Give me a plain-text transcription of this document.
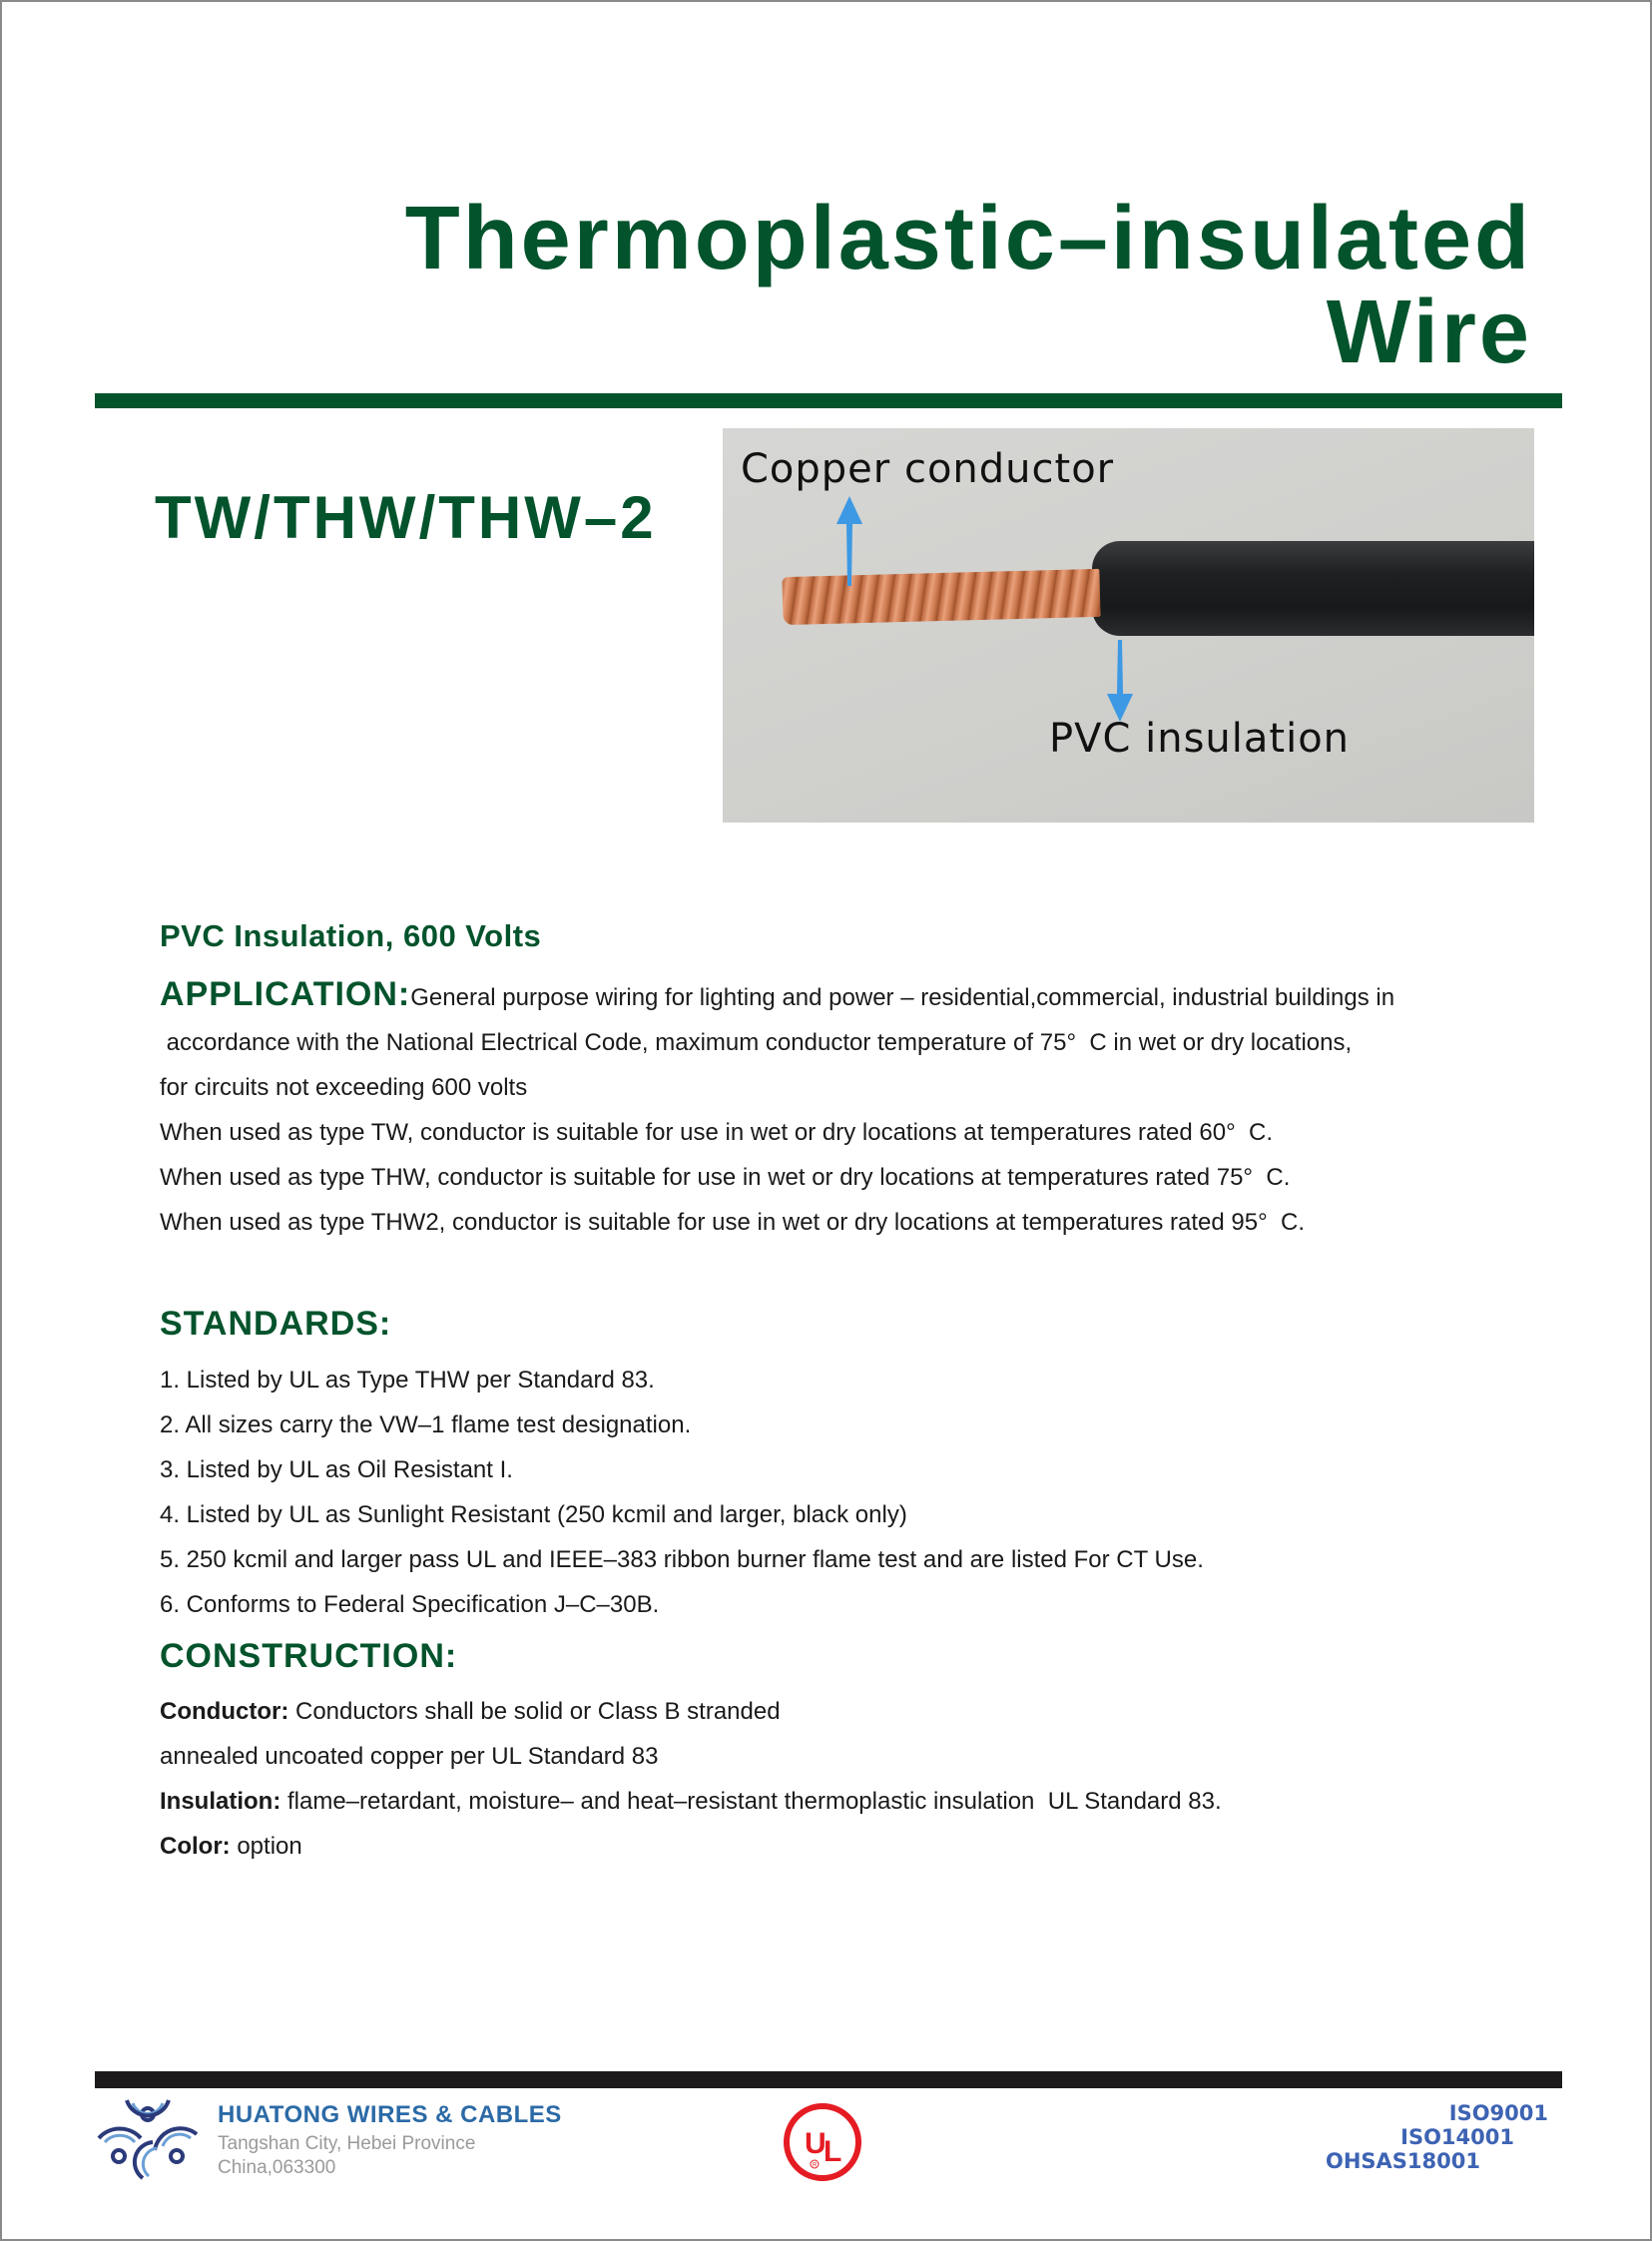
Thermoplastic–insulated
Wire
TW/THW/THW–2
Copper conductor
PVC insulation
PVC Insulation, 600 Volts

APPLICATION:General purpose wiring for lighting and power – residential,commercial, industrial buildings in

accordance with the National Electrical Code, maximum conductor temperature of 75°  C in wet or dry locations,

for circuits not exceeding 600 volts

When used as type TW, conductor is suitable for use in wet or dry locations at temperatures rated 60°  C.

When used as type THW, conductor is suitable for use in wet or dry locations at temperatures rated 75°  C.

When used as type THW2, conductor is suitable for use in wet or dry locations at temperatures rated 95°  C.

STANDARDS:
1. Listed by UL as Type THW per Standard 83.
2. All sizes carry the VW–1 flame test designation.
3. Listed by UL as Oil Resistant I.
4. Listed by UL as Sunlight Resistant (250 kcmil and larger, black only)
5. 250 kcmil and larger pass UL and IEEE–383 ribbon burner flame test and are listed For CT Use.
6. Conforms to Federal Specification J–C–30B.
CONSTRUCTION:
Conductor: Conductors shall be solid or Class B stranded
annealed uncoated copper per UL Standard 83
Insulation: flame–retardant, moisture– and heat–resistant thermoplastic insulation  UL Standard 83.
Color: option
HUATONG WIRES & CABLES
Tangshan City, Hebei Province
China,063300
U
L
R
ISO9001
ISO14001
OHSAS18001
